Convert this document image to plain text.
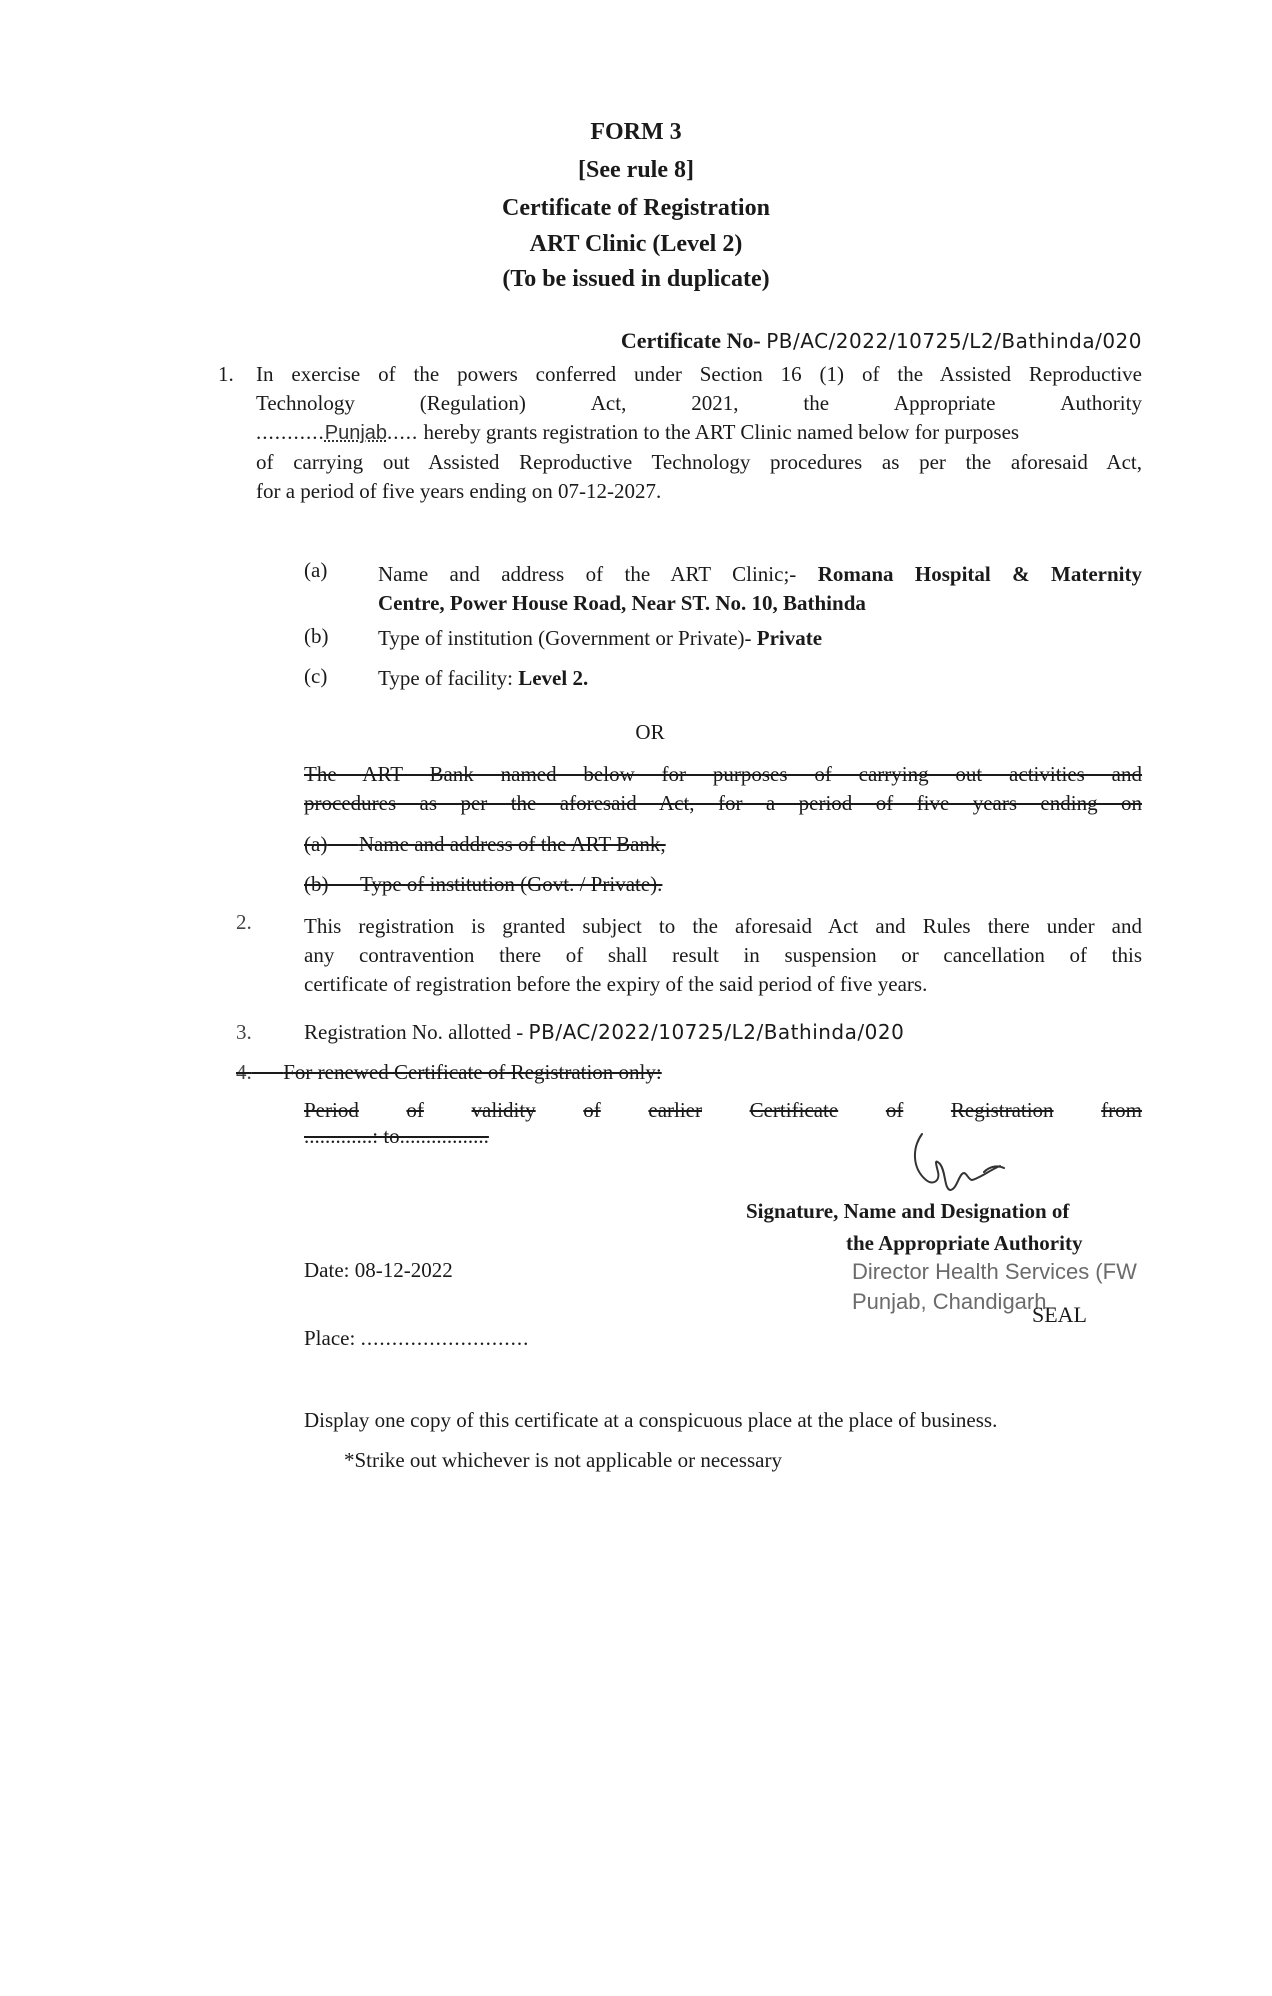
FORM 3
[See rule 8]
Certificate of Registration
ART Clinic (Level 2)
(To be issued in duplicate)
Certificate No- PB/AC/2022/10725/L2/Bathinda/020
1. In exercise of the powers conferred under Section 16 (1) of the Assisted Reproductive
Technology	(Regulation)	Act,	2021,	the	Appropriate	Authority
...........Punjab..... hereby grants registration to the ART Clinic named below for purposes
of carrying out Assisted Reproductive Technology procedures as per the aforesaid Act,
for a period of five years ending on 07-12-2027.
(a) Name and address of the ART Clinic;- Romana Hospital & Maternity
Centre, Power House Road, Near ST. No. 10, Bathinda
(b) Type of institution (Government or Private)- Private
(c) Type of facility: Level 2.
OR
The ART Bank named below for purposes of carrying out activities and
procedures as per the aforesaid Act, for a period of five years ending on
(a) Name and address of the ART Bank,
(b) Type of institution (Govt. / Private).
2. This registration is granted subject to the aforesaid Act and Rules there under and
any contravention there of shall result in suspension or cancellation of this
certificate of registration before the expiry of the said period of five years.
3. Registration No. allotted - PB/AC/2022/10725/L2/Bathinda/020
4. For renewed Certificate of Registration only:
Period of validity of earlier Certificate of Registration from
.............: to.................
Signature, Name and Designation of
the Appropriate Authority
Director Health Services (FW
Punjab, Chandigarh
SEAL
Date: 08-12-2022
Place: ...........................
Display one copy of this certificate at a conspicuous place at the place of business.
*Strike out whichever is not applicable or necessary
